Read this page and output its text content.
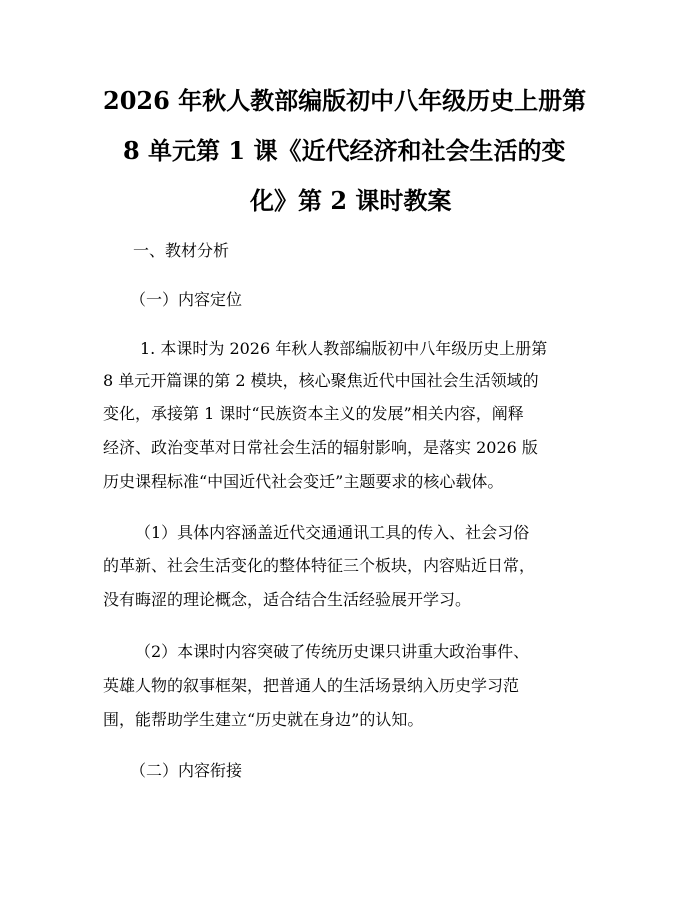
2026 年秋人教部编版初中八年级历史上册第
8 单元第 1 课《近代经济和社会生活的变
化》第 2 课时教案
一、教材分析
（一）内容定位
1. 本课时为 2026 年秋人教部编版初中八年级历史上册第
8 单元开篇课的第 2 模块，核心聚焦近代中国社会生活领域的
变化，承接第 1 课时“民族资本主义的发展”相关内容，阐释
经济、政治变革对日常社会生活的辐射影响，是落实 2026 版
历史课程标准“中国近代社会变迁”主题要求的核心载体。
（1）具体内容涵盖近代交通通讯工具的传入、社会习俗
的革新、社会生活变化的整体特征三个板块，内容贴近日常，
没有晦涩的理论概念，适合结合生活经验展开学习。
（2）本课时内容突破了传统历史课只讲重大政治事件、
英雄人物的叙事框架，把普通人的生活场景纳入历史学习范
围，能帮助学生建立“历史就在身边”的认知。
（二）内容衔接
